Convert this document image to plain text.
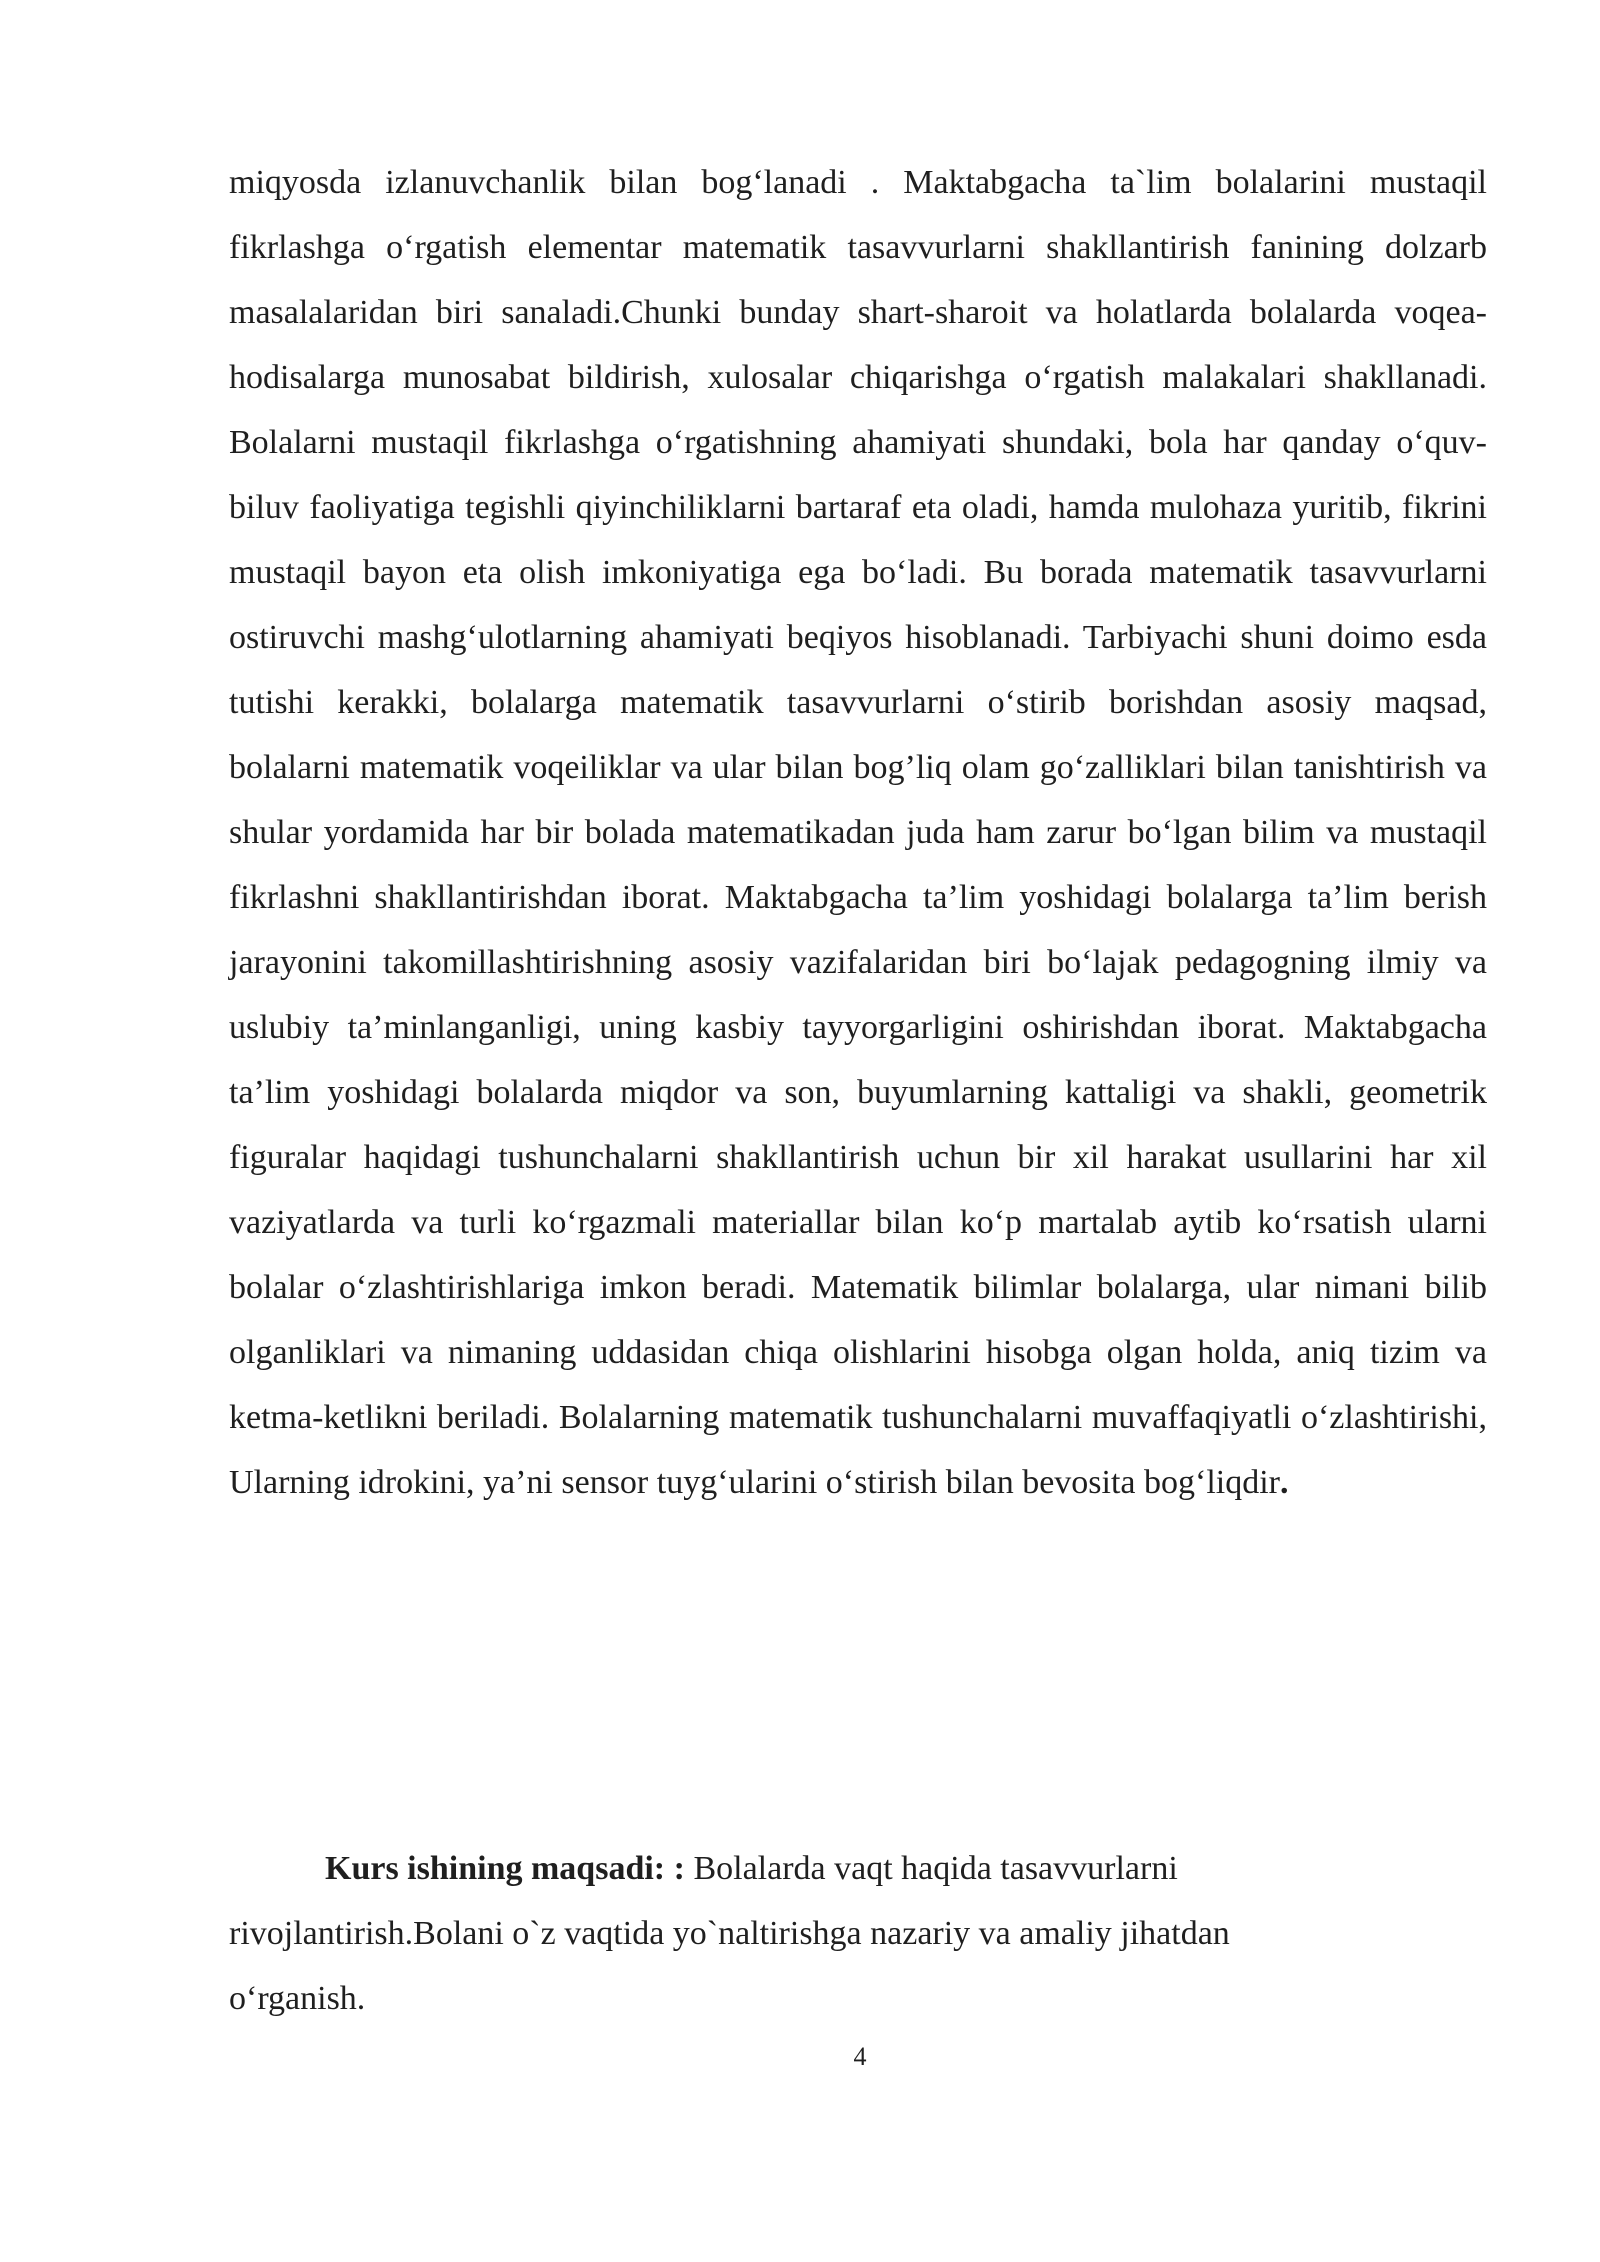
miqyosda izlanuvchanlik bilan bog‘lanadi . Maktabgacha ta`lim bolalarini mustaqil fikrlashga o‘rgatish elementar matematik tasavvurlarni shakllantirish fanining dolzarb masalalaridan biri sanaladi.Chunki bunday shart-sharoit va holatlarda bolalarda voqea-hodisalarga munosabat bildirish, xulosalar chiqarishga o‘rgatish malakalari shakllanadi. Bolalarni mustaqil fikrlashga o‘rgatishning ahamiyati shundaki, bola har qanday o‘quv-biluv faoliyatiga tegishli qiyinchiliklarni bartaraf eta oladi, hamda mulohaza yuritib, fikrini mustaqil bayon eta olish imkoniyatiga ega bo‘ladi. Bu borada matematik tasavvurlarni ostiruvchi mashg‘ulotlarning ahamiyati beqiyos hisoblanadi. Tarbiyachi shuni doimo esda tutishi kerakki, bolalarga matematik tasavvurlarni o‘stirib borishdan asosiy maqsad, bolalarni matematik voqeiliklar va ular bilan bog’liq olam go‘zalliklari bilan tanishtirish va shular yordamida har bir bolada matematikadan juda ham zarur bo‘lgan bilim va mustaqil fikrlashni shakllantirishdan iborat. Maktabgacha ta’lim yoshidagi bolalarga ta’lim berish jarayonini takomillashtirishning asosiy vazifalaridan biri bo‘lajak pedagogning ilmiy va uslubiy ta’minlanganligi, uning kasbiy tayyorgarligini oshirishdan iborat. Maktabgacha ta’lim yoshidagi bolalarda miqdor va son, buyumlarning kattaligi va shakli, geometrik figuralar haqidagi tushunchalarni shakllantirish uchun bir xil harakat usullarini har xil vaziyatlarda va turli ko‘rgazmali materiallar bilan ko‘p martalab aytib ko‘rsatish ularni bolalar o‘zlashtirishlariga imkon beradi. Matematik bilimlar bolalarga, ular nimani bilib olganliklari va nimaning uddasidan chiqa olishlarini hisobga olgan holda, aniq tizim va ketma-ketlikni beriladi. Bolalarning matematik tushunchalarni muvaffaqiyatli o‘zlashtirishi, Ularning idrokini, ya’ni sensor tuyg‘ularini o‘stirish bilan bevosita bog‘liqdir.

Kurs ishining maqsadi: : Bolalarda vaqt haqida tasavvurlarni rivojlantirish.Bolani o`z vaqtida yo`naltirishga nazariy va amaliy jihatdan o‘rganish.

4
